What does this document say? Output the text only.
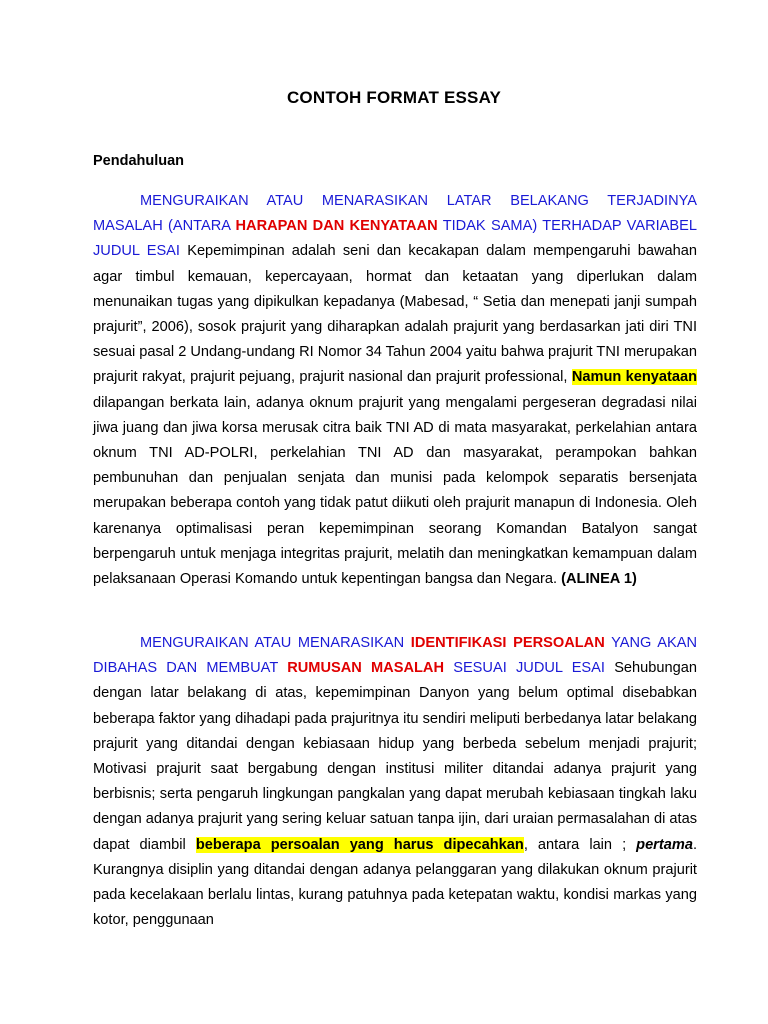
CONTOH FORMAT ESSAY
Pendahuluan

MENGURAIKAN ATAU MENARASIKAN LATAR BELAKANG TERJADINYA MASALAH (ANTARA HARAPAN DAN KENYATAAN TIDAK SAMA) TERHADAP VARIABEL JUDUL ESAI Kepemimpinan adalah seni dan kecakapan dalam mempengaruhi bawahan agar timbul kemauan, kepercayaan, hormat dan ketaatan yang diperlukan dalam menunaikan tugas yang dipikulkan kepadanya (Mabesad, “ Setia dan menepati janji sumpah prajurit”, 2006), sosok prajurit yang diharapkan adalah prajurit yang berdasarkan jati diri TNI sesuai pasal 2 Undang-undang RI Nomor 34 Tahun 2004 yaitu bahwa prajurit TNI merupakan prajurit rakyat, prajurit pejuang, prajurit nasional dan prajurit professional, Namun kenyataan dilapangan berkata lain, adanya oknum prajurit yang mengalami pergeseran degradasi nilai jiwa juang dan jiwa korsa merusak citra baik TNI AD di mata masyarakat, perkelahian antara oknum TNI AD-POLRI, perkelahian TNI AD dan masyarakat, perampokan bahkan pembunuhan dan penjualan senjata dan munisi pada kelompok separatis bersenjata merupakan beberapa contoh yang tidak patut diikuti oleh prajurit manapun di Indonesia. Oleh karenanya optimalisasi peran kepemimpinan seorang Komandan Batalyon sangat berpengaruh untuk menjaga integritas prajurit, melatih dan meningkatkan kemampuan dalam pelaksanaan Operasi Komando untuk kepentingan bangsa dan Negara. (ALINEA 1)

MENGURAIKAN ATAU MENARASIKAN IDENTIFIKASI PERSOALAN YANG AKAN DIBAHAS DAN MEMBUAT RUMUSAN MASALAH SESUAI JUDUL ESAI Sehubungan dengan latar belakang di atas, kepemimpinan Danyon yang belum optimal disebabkan beberapa faktor yang dihadapi pada prajuritnya itu sendiri meliputi berbedanya latar belakang prajurit yang ditandai dengan kebiasaan hidup yang berbeda sebelum menjadi prajurit; Motivasi prajurit saat bergabung dengan institusi militer ditandai adanya prajurit yang berbisnis; serta pengaruh lingkungan pangkalan yang dapat merubah kebiasaan tingkah laku dengan adanya prajurit yang sering keluar satuan tanpa ijin, dari uraian permasalahan di atas dapat diambil beberapa persoalan yang harus dipecahkan, antara lain ; pertama. Kurangnya disiplin yang ditandai dengan adanya pelanggaran yang dilakukan oknum prajurit pada kecelakaan berlalu lintas, kurang patuhnya pada ketepatan waktu, kondisi markas yang kotor, penggunaan
